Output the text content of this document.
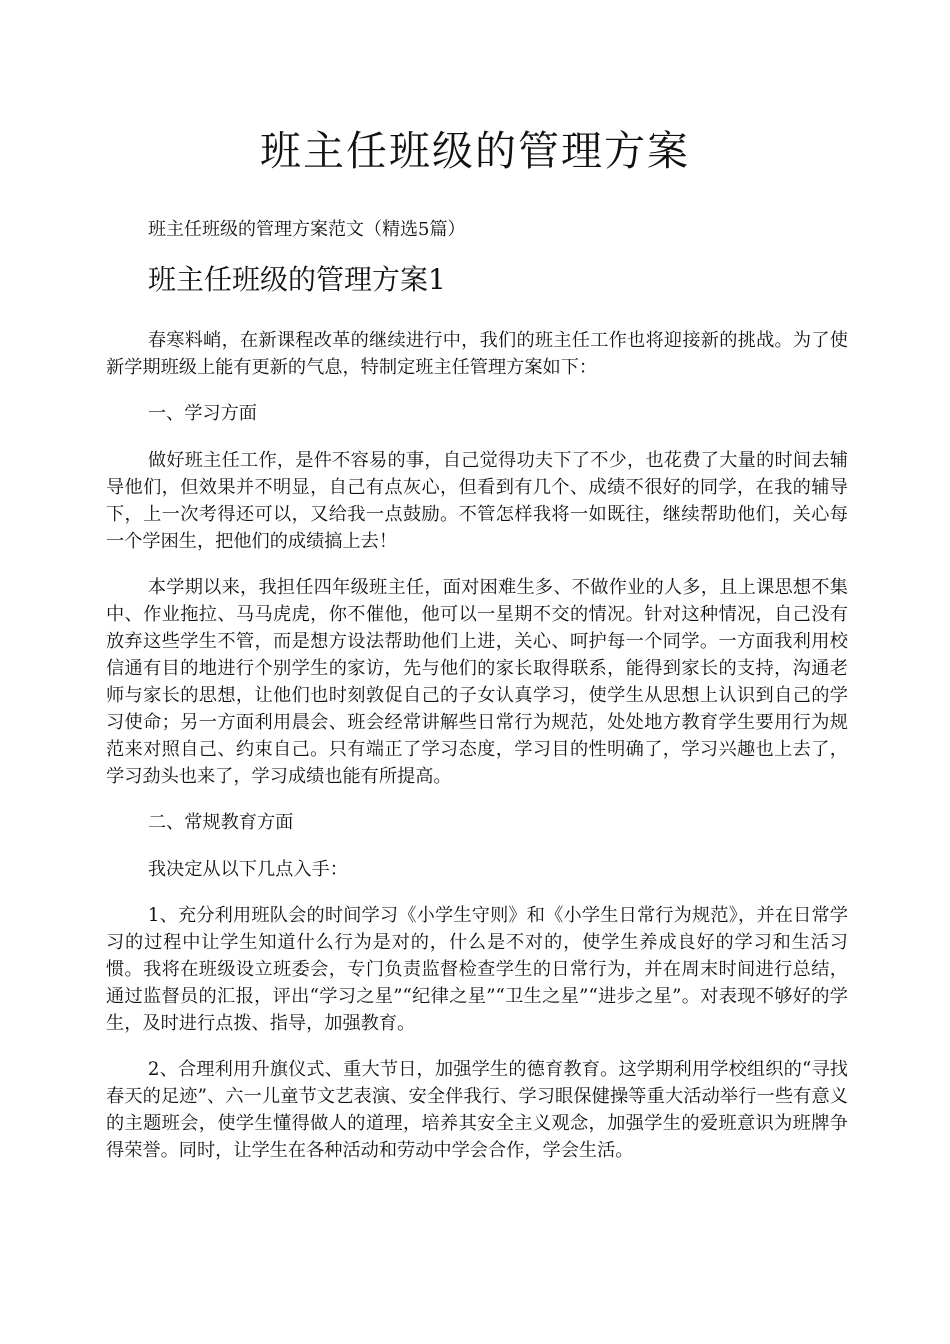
班主任班级的管理方案

班主任班级的管理方案范文（精选5篇）

班主任班级的管理方案1

春寒料峭，在新课程改革的继续进行中，我们的班主任工作也将迎接新的挑战。为了使新学期班级上能有更新的气息，特制定班主任管理方案如下：

一、学习方面

做好班主任工作，是件不容易的事，自己觉得功夫下了不少，也花费了大量的时间去辅导他们，但效果并不明显，自己有点灰心，但看到有几个、成绩不很好的同学，在我的辅导下，上一次考得还可以，又给我一点鼓励。不管怎样我将一如既往，继续帮助他们，关心每一个学困生，把他们的成绩搞上去！

本学期以来，我担任四年级班主任，面对困难生多、不做作业的人多，且上课思想不集中、作业拖拉、马马虎虎，你不催他，他可以一星期不交的情况。针对这种情况，自己没有放弃这些学生不管，而是想方设法帮助他们上进，关心、呵护每一个同学。一方面我利用校信通有目的地进行个别学生的家访，先与他们的家长取得联系，能得到家长的支持，沟通老师与家长的思想，让他们也时刻敦促自己的子女认真学习，使学生从思想上认识到自己的学习使命；另一方面利用晨会、班会经常讲解些日常行为规范，处处地方教育学生要用行为规范来对照自己、约束自己。只有端正了学习态度，学习目的性明确了，学习兴趣也上去了，学习劲头也来了，学习成绩也能有所提高。

二、常规教育方面

我决定从以下几点入手：

1、充分利用班队会的时间学习《小学生守则》和《小学生日常行为规范》，并在日常学习的过程中让学生知道什么行为是对的，什么是不对的，使学生养成良好的学习和生活习惯。我将在班级设立班委会，专门负责监督检查学生的日常行为，并在周末时间进行总结，通过监督员的汇报，评出“学习之星”“纪律之星”“卫生之星”“进步之星”。对表现不够好的学生，及时进行点拨、指导，加强教育。

2、合理利用升旗仪式、重大节日，加强学生的德育教育。这学期利用学校组织的“寻找春天的足迹”、六一儿童节文艺表演、安全伴我行、学习眼保健操等重大活动举行一些有意义的主题班会，使学生懂得做人的道理，培养其安全主义观念，加强学生的爱班意识为班牌争得荣誉。同时，让学生在各种活动和劳动中学会合作，学会生活。
